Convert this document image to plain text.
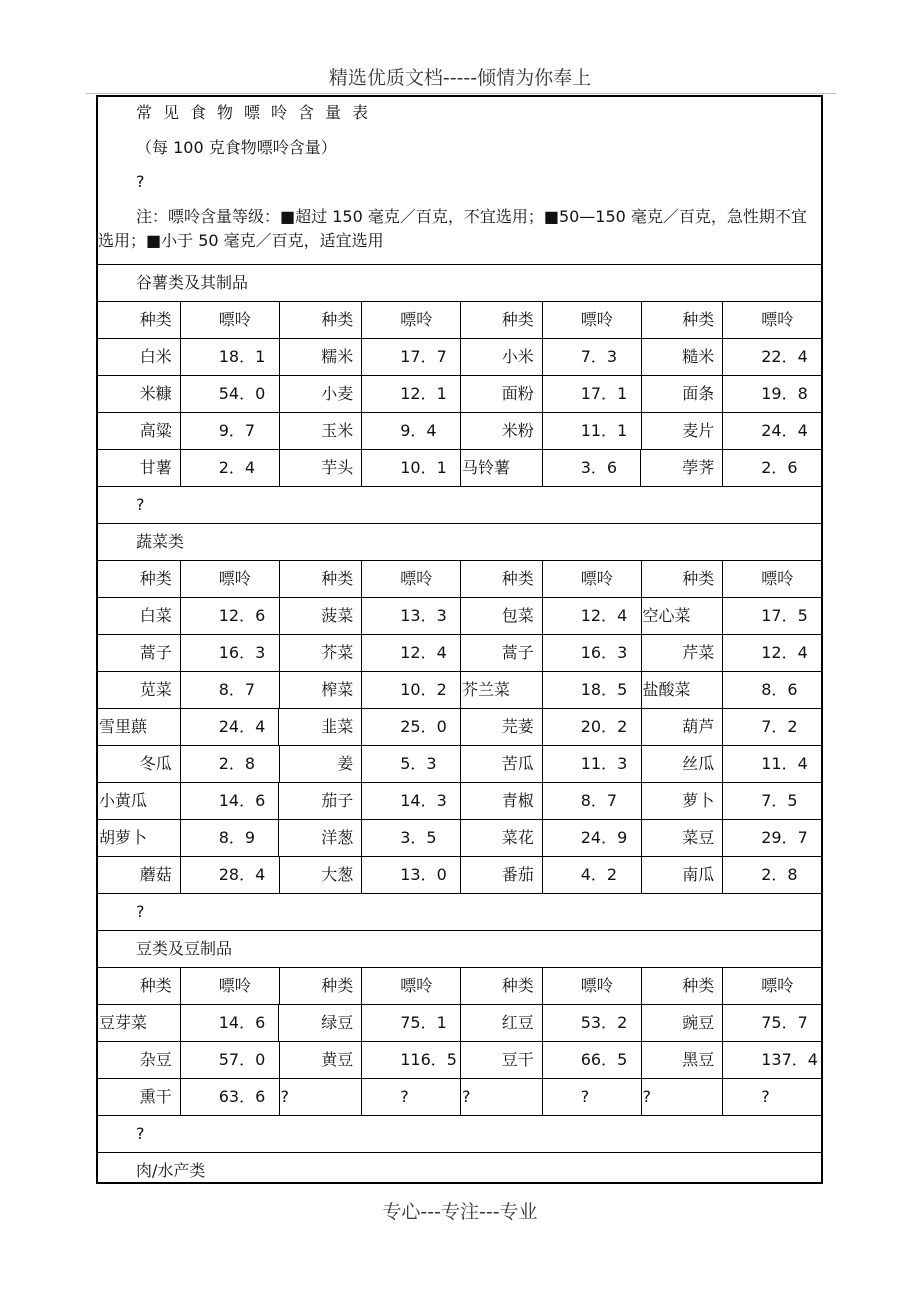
精选优质文档-----倾情为你奉上
常见食物嘌呤含量表
（每 100 克食物嘌呤含量）
?
注：嘌呤含量等级：■超过 150 毫克／百克，不宜选用；■50—150 毫克／百克，急性期不宜选用；■小于 50 毫克／百克，适宜选用
谷薯类及其制品
种类	嘌呤	种类	嘌呤	种类	嘌呤	种类	嘌呤
白米	18．1	糯米	17．7	小米	7．3	糙米	22．4
米糠	54．0	小麦	12．1	面粉	17．1	面条	19．8
高粱	9．7	玉米	9．4	米粉	11．1	麦片	24．4
甘薯	2．4	芋头	10．1 马铃薯	3．6	荸荠	2．6
?
蔬菜类
种类	嘌呤	种类	嘌呤	种类	嘌呤	种类	嘌呤
白菜	12．6	菠菜	13．3	包菜	12．4 空心菜	17．5
蒿子	16．3	芥菜	12．4	蒿子	16．3	芹菜	12．4
苋菜	8．7	榨菜	10．2 芥兰菜	18．5 盐酸菜	8．6
雪里蕻	24．4	韭菜	25．0	芫荽	20．2	葫芦	7．2
冬瓜	2．8	姜	5．3	苦瓜	11．3	丝瓜	11．4
小黄瓜	14．6	茄子	14．3	青椒	8．7	萝卜	7．5
胡萝卜	8．9	洋葱	3．5	菜花	24．9	菜豆	29．7
蘑菇	28．4	大葱	13．0	番茄	4．2	南瓜	2．8
?
豆类及豆制品
种类	嘌呤	种类	嘌呤	种类	嘌呤	种类	嘌呤
豆芽菜	14．6	绿豆	75．1	红豆	53．2	豌豆	75．7
杂豆	57．0	黄豆	116．5	豆干	66．5	黑豆	137．4
熏干	63．6 ?	?	?	?	?	?
?
肉/水产类
专心---专注---专业
